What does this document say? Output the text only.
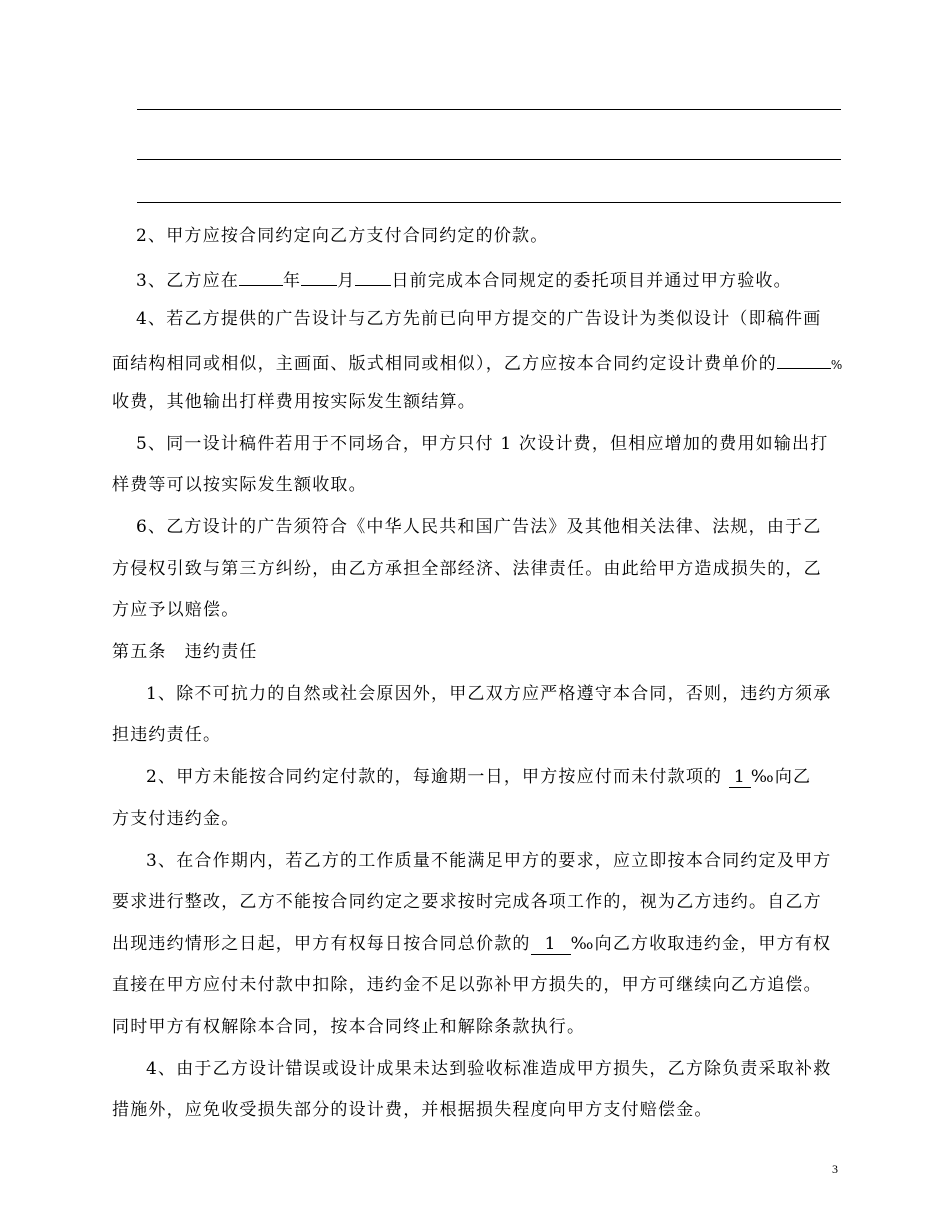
2、甲方应按合同约定向乙方支付合同约定的价款。
3、乙方应在	年 月 日前完成本合同规定的委托项目并通过甲方验收。
4、若乙方提供的广告设计与乙方先前已向甲方提交的广告设计为类似设计（即稿件画
面结构相同或相似，主画面、版式相同或相似），乙方应按本合同约定设计费单价的	%
收费，其他输出打样费用按实际发生额结算。
5、同一设计稿件若用于不同场合，甲方只付 1 次设计费，但相应增加的费用如输出打
样费等可以按实际发生额收取。
6、乙方设计的广告须符合《中华人民共和国广告法》及其他相关法律、法规，由于乙
方侵权引致与第三方纠纷，由乙方承担全部经济、法律责任。由此给甲方造成损失的，乙
方应予以赔偿。
第五条　违约责任
1、除不可抗力的自然或社会原因外，甲乙双方应严格遵守本合同，否则，违约方须承
担违约责任。
2、甲方未能按合同约定付款的，每逾期一日，甲方按应付而未付款项的 1 ‰向乙
方支付违约金。
3、在合作期内，若乙方的工作质量不能满足甲方的要求，应立即按本合同约定及甲方
要求进行整改，乙方不能按合同约定之要求按时完成各项工作的，视为乙方违约。自乙方
出现违约情形之日起，甲方有权每日按合同总价款的 1 ‰向乙方收取违约金，甲方有权
直接在甲方应付未付款中扣除，违约金不足以弥补甲方损失的，甲方可继续向乙方追偿。
同时甲方有权解除本合同，按本合同终止和解除条款执行。
4、由于乙方设计错误或设计成果未达到验收标准造成甲方损失，乙方除负责采取补救
措施外，应免收受损失部分的设计费，并根据损失程度向甲方支付赔偿金。
3
